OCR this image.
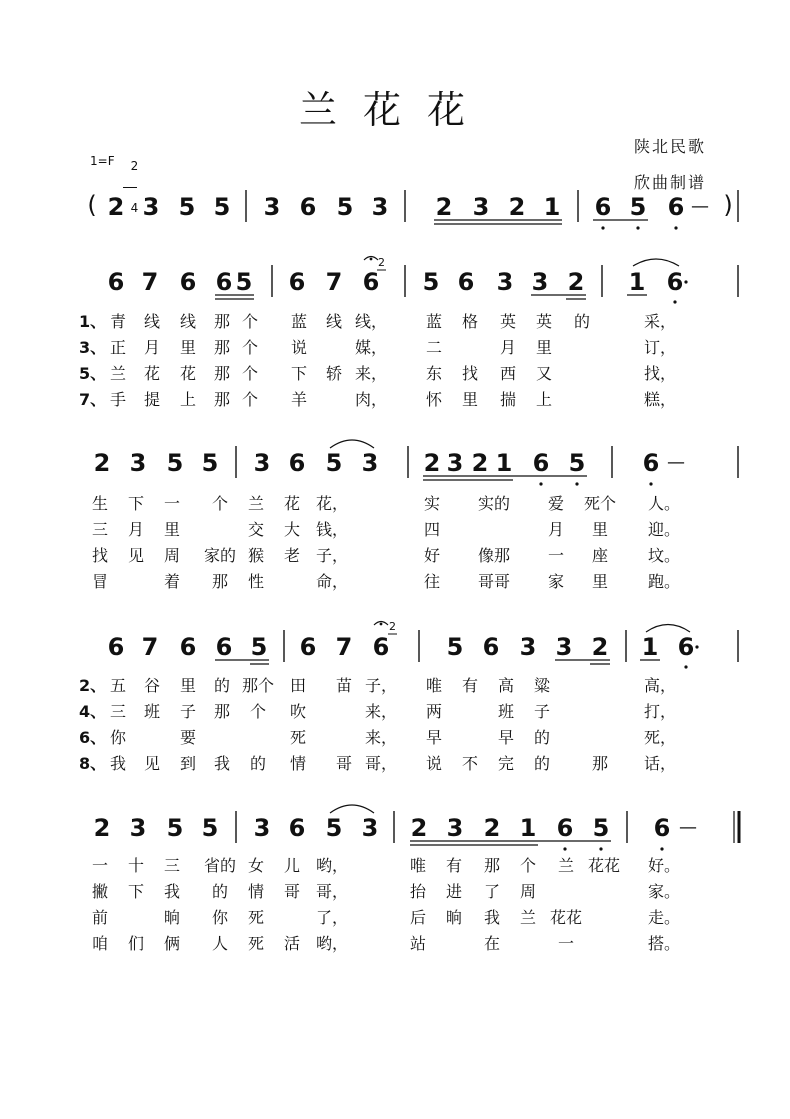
兰花花
陕北民歌
欣曲制谱
1=F	2

4

( 2 3 5 5 3 6 5 3 2 3 2 1 6 5 6 — )
6 7 6 6 5 6 7 6
2
5 6 3 3 2 1 6
1、 青 线 线 那 个 蓝 线 线， 蓝 格 英 英 的	采，
3、 正 月 里 那 个 说	媒， 二	月 里	订，
5、 兰 花 花 那 个 下 轿 来， 东 找 西 又	找，
7、 手 提 上 那 个 羊	肉， 怀 里 揣 上	糕，
2 3 5 5 3 6 5 3 2 3 2 1 6 5 6 —
生 下 一 个 兰 花 花，	实 实的 爱 死个 人。
三 月 里	交 大 钱，	四	月 里 迎。
找 见 周 家的 猴 老 子，	好 像那 一 座 坟。
冒	着 那 性	命，	往 哥哥 家 里 跑。
6 7 6 6 5 6 7 6
2
5 6 3 3 2 1 6
2、 五 谷 里 的 那个 田 苗 子， 唯 有 高 粱	高，
4、 三 班 子 那 个 吹	来， 两	班 子	打，
6、 你	要	死	来， 早	早 的	死，
8、 我 见 到 我 的 情 哥 哥， 说 不 完 的	那 话，
2 3 5 5 3 6 5 3 2 3 2 1 6 5 6 —
一 十 三 省的 女 儿 哟，	唯 有 那 个 兰 花花 好。
撇 下 我 的 情 哥 哥，	抬 进 了 周	家。
前	晌 你 死	了，	后 晌 我 兰 花花	走。
咱 们 俩 人 死 活 哟，	站	在	一	搭。
